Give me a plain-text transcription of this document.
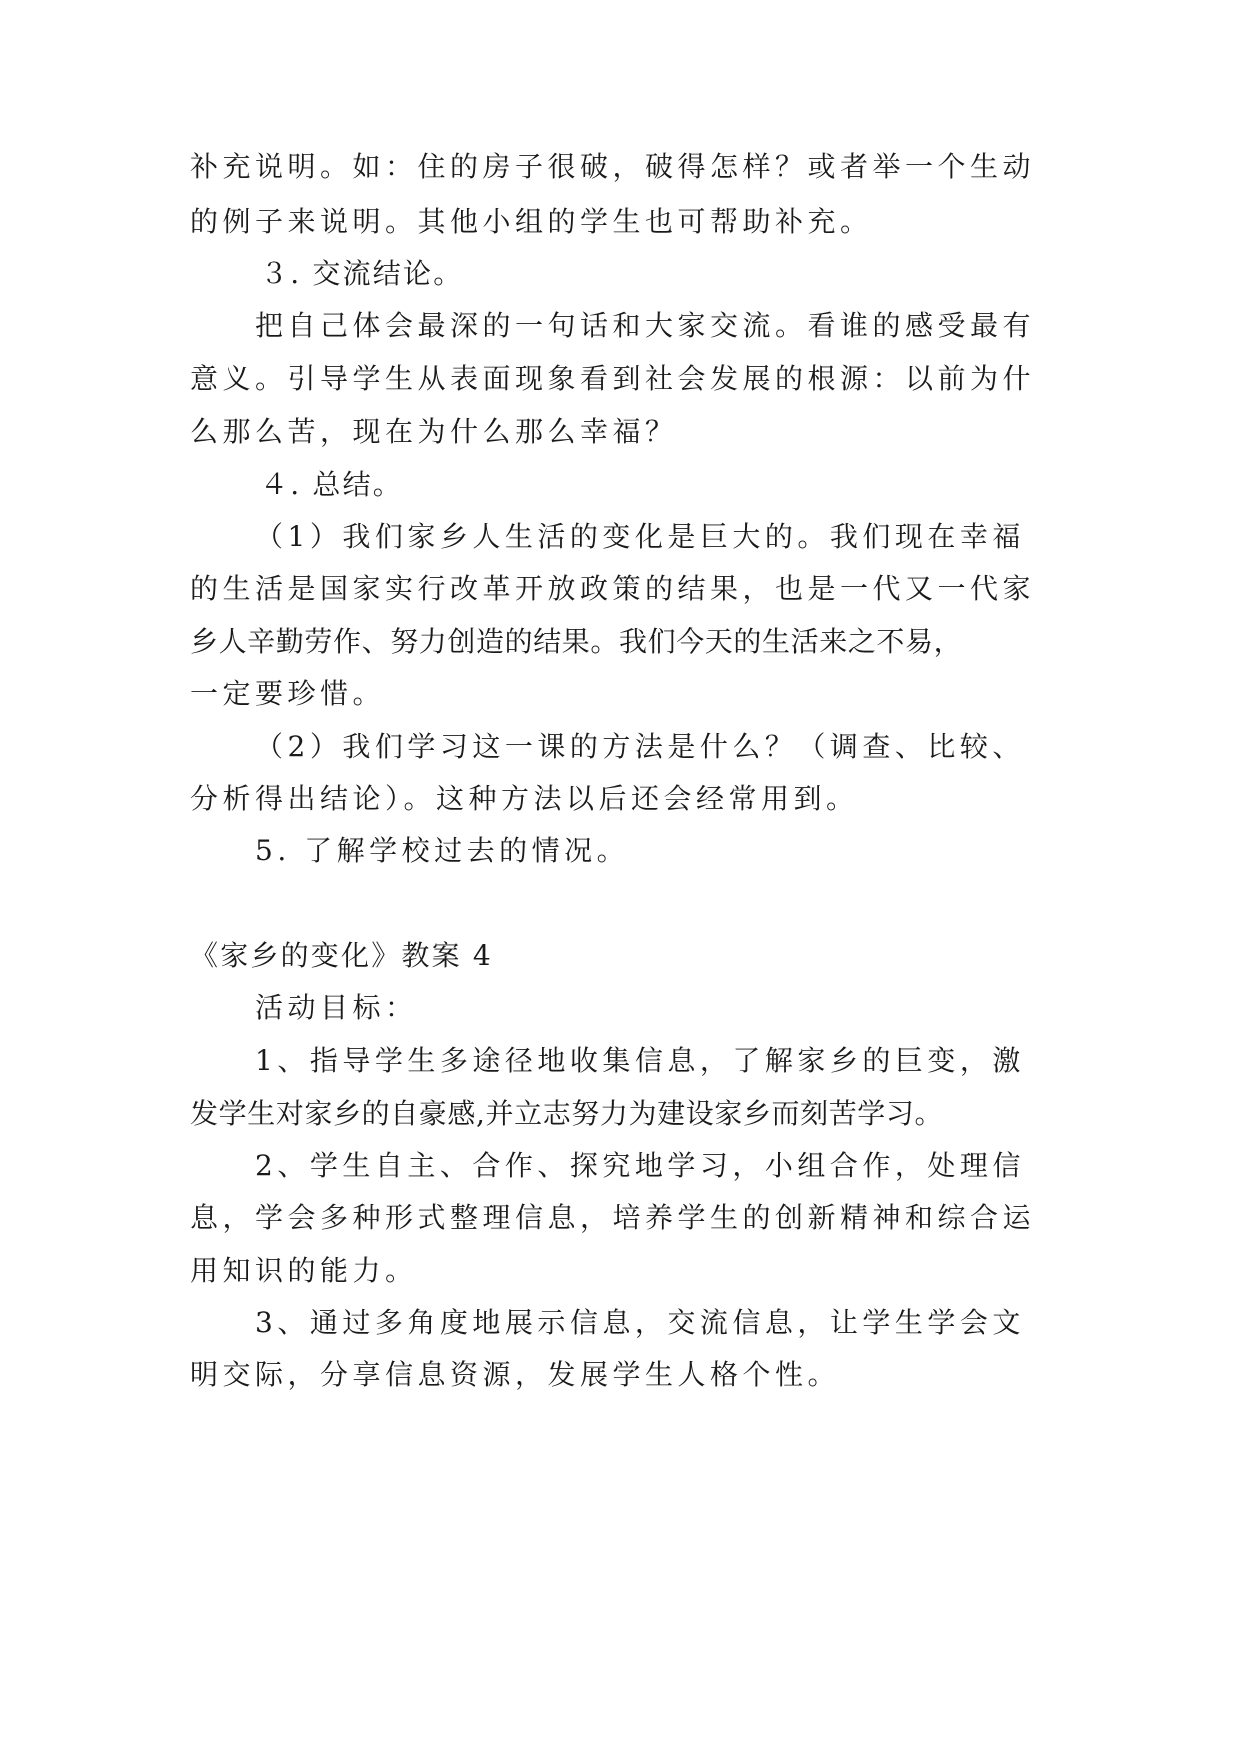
补充说明。如：住的房子很破，破得怎样？或者举一个生动
的例子来说明。其他小组的学生也可帮助补充。
３. 交流结论。
把自己体会最深的一句话和大家交流。看谁的感受最有
意义。引导学生从表面现象看到社会发展的根源：以前为什
么那么苦，现在为什么那么幸福？
４. 总结。
（1）我们家乡人生活的变化是巨大的。我们现在幸福
的生活是国家实行改革开放政策的结果，也是一代又一代家
乡人辛勤劳作、努力创造的结果。我们今天的生活来之不易，
一定要珍惜。
（2）我们学习这一课的方法是什么？（调查、比较、
分析得出结论）。这种方法以后还会经常用到。
5. 了解学校过去的情况。
《家乡的变化》教案 4
活动目标：
1、指导学生多途径地收集信息，了解家乡的巨变，激
发学生对家乡的自豪感,并立志努力为建设家乡而刻苦学习。
2、学生自主、合作、探究地学习，小组合作，处理信
息，学会多种形式整理信息，培养学生的创新精神和综合运
用知识的能力。
3、通过多角度地展示信息，交流信息，让学生学会文
明交际，分享信息资源，发展学生人格个性。
